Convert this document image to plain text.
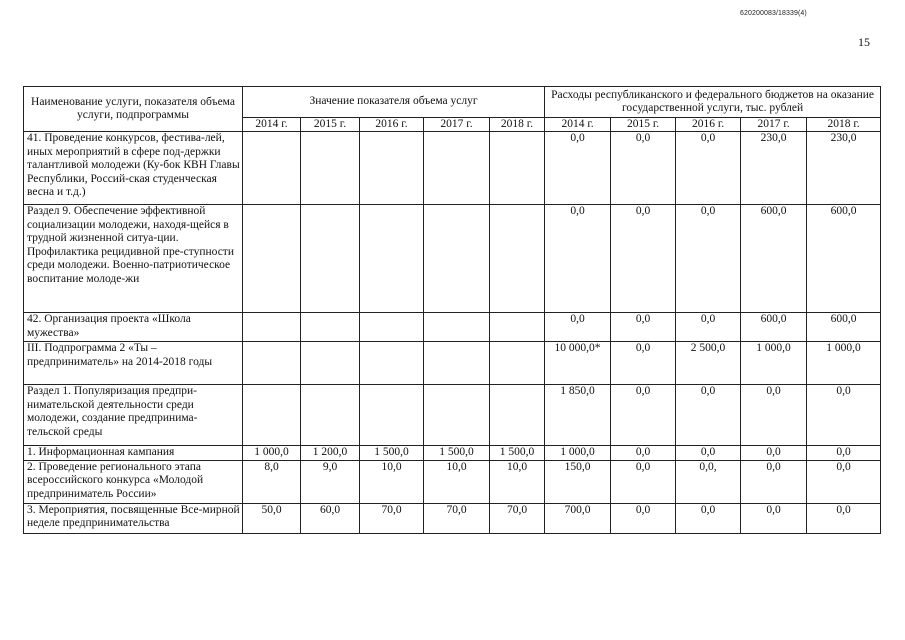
620200083/18339(4)
15
Наименование услуги, показателя объема услуги, подпрограммы	Значение показателя объема услуг					Расходы республиканского и федерального бюджетов на оказание государственной услуги, тыс. рублей				
	2014 г.	2015 г.	2016 г.	2017 г.	2018 г.	2014 г.	2015 г.	2016 г.	2017 г.	2018 г.
41. Проведение конкурсов, фестива-лей, иных мероприятий в сфере под-держки талантливой молодежи (Ку-бок КВН Главы Республики, Россий-ская студенческая весна и т.д.)						0,0	0,0	0,0	230,0	230,0
Раздел 9. Обеспечение эффективной социализации молодежи, находя-щейся в трудной жизненной ситуа-ции. Профилактика рецидивной пре-ступности среди молодежи. Военно-патриотическое воспитание молоде-жи						0,0	0,0	0,0	600,0	600,0
42. Организация проекта «Школа мужества»						0,0	0,0	0,0	600,0	600,0
III. Подпрограмма 2 «Ты – предприниматель» на 2014-2018 годы						10 000,0*	0,0	2 500,0	1 000,0	1 000,0
Раздел 1. Популяризация предпри-нимательской деятельности среди молодежи, создание предпринима-тельской среды						1 850,0	0,0	0,0	0,0	0,0
1. Информационная кампания	1 000,0	1 200,0	1 500,0	1 500,0	1 500,0	1 000,0	0,0	0,0	0,0	0,0
2. Проведение регионального этапа всероссийского конкурса «Молодой предприниматель России»	8,0	9,0	10,0	10,0	10,0	150,0	0,0	0,0,	0,0	0,0
3. Мероприятия, посвященные Все-мирной неделе предпринимательства	50,0	60,0	70,0	70,0	70,0	700,0	0,0	0,0	0,0	0,0
